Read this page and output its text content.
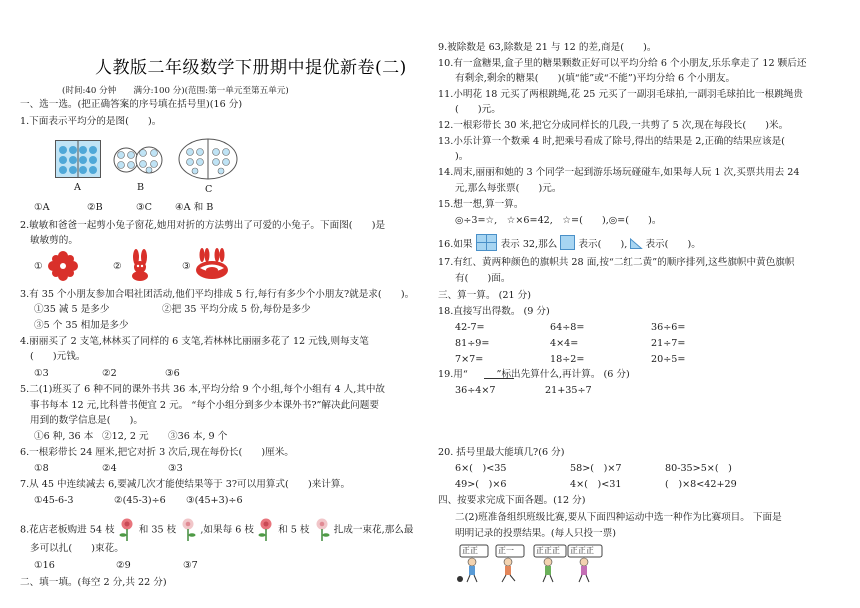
人教版二年级数学下册期中提优新卷(二)
(时间:40 分钟　　满分:100 分)(范围:第一单元至第五单元)
一、选一选。(把正确答案的序号填在括号里)(16 分)
1.下面表示平均分的是图(　　)。
A	B	C
①A	②B	③C ④A 和 B
2.敏敏和爸爸一起剪小兔子窗花,她用对折的方法剪出了可爱的小兔子。下面图(　　)是
敏敏剪的。
①	②	③
3.有 35 个小朋友参加合唱社团活动,他们平均排成 5 行,每行有多少个小朋友?就是求(　　)。
①35 减 5 是多少	②把 35 平均分成 5 份,每份是多少
③5 个 35 相加是多少
4.丽丽买了 2 支笔,林林买了同样的 6 支笔,若林林比丽丽多花了 12 元钱,则每支笔
(　　)元钱。
①3	②2	③6
5.二(1)班买了 6 种不同的课外书共 36 本,平均分给 9 个小组,每个小组有 4 人,其中故
事书每本 12 元,比科普书便宜 2 元。 “每个小组分到多少本课外书?”解决此问题要
用到的数学信息是(　　)。
①6 种, 36 本 ②12, 2 元 ③36 本, 9 个
6.一根彩带长 24 厘米,把它对折 3 次后,现在每份长(　　)厘米。
①8	②4	③3
7.从 45 中连续减去 6,要减几次才能使结果等于 3?可以用算式(　　)来计算。
①45-6-3	②(45-3)÷6 ③(45+3)÷6
8.花店老板购进 54 枝	和 35 枝	,如果每 6 枝	和 5 枝	扎成一束花,那么最
多可以扎(　　)束花。
①16	②9	③7
二、填一填。(每空 2 分,共 22 分)
9.被除数是 63,除数是 21 与 12 的差,商是(　　)。
10.有一盒糖果,盒子里的糖果颗数正好可以平均分给 6 个小朋友,乐乐拿走了 12 颗后还
有剩余,剩余的糖果(　　)(填“能”或“不能”)平均分给 6 个小朋友。
11.小明花 18 元买了两根跳绳,花 25 元买了一副羽毛球拍,一副羽毛球拍比一根跳绳贵
(　　)元。
12.一根彩带长 30 米,把它分成同样长的几段,一共剪了 5 次,现在每段长(　　)米。
13.小乐计算一个数乘 4 时,把乘号看成了除号,得出的结果是 2,正确的结果应该是(　　
)。
14.周末,丽丽和她的 3 个同学一起到游乐场玩碰碰车,如果每人玩 1 次,买票共用去 24
元,那么每张票(　　)元。
15.想一想,算一算。
◎÷3=☆,　☆×6=42,　☆=(　　),◎=(　　)。
16.如果	表示 32,那么 表示(　　), 表示(　　)。
17.有红、黄两种颜色的旗帜共 28 面,按“二红二黄”的顺序排列,这些旗帜中黄色旗帜
有(　　)面。
三、算一算。 (21 分)
18.直接写出得数。 (9 分)
42-7=	64÷8=	36÷6=
81÷9=	4×4=	21÷7=
7×7=	18÷2=	20÷5=
19.用“　　　”标出先算什么,再计算。 (6 分)
36÷4×7	21+35÷7
20. 括号里最大能填几?(6 分)
6×(　)<35	58>(　)×7	80-35>5×(　)
49>(　)×6	4×(　)<31	(　)×8<42+29
四、按要求完成下面各题。(12 分)
二(2)班准备组织班级比赛,要从下面四种运动中选一种作为比赛项目。 下面是
明明记录的投票结果。(每人只投一票)
正正	正一	正正正 正正正
